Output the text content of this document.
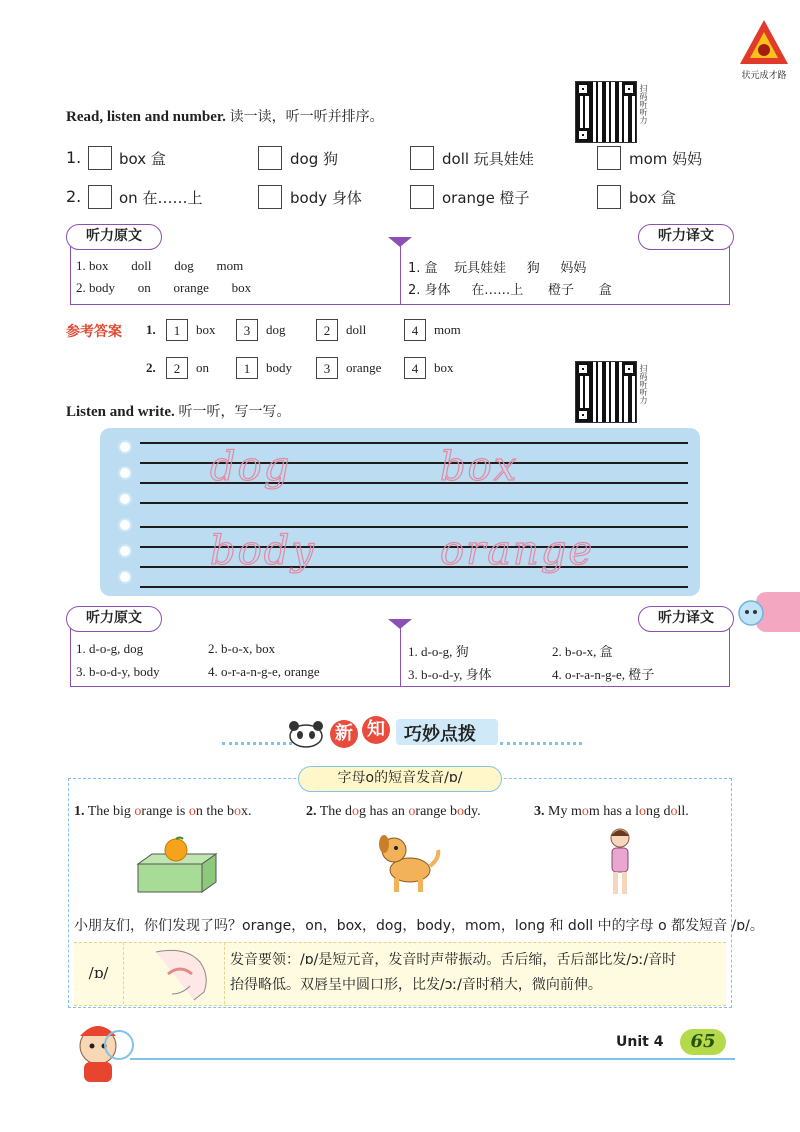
状元成才路
扫码听听力
Read, listen and number. 读一读，听一听并排序。
1.	box 盒	dog 狗	doll 玩具娃娃	mom 妈妈
2.	on 在……上	body 身体	orange 橙子	box 盒
听力原文	听力译文
1. box       doll       dog       mom
2. body       on       orange       box
1. 盒    玩具娃娃     狗     妈妈
2. 身体     在……上      橙子      盒
参考答案 1.	1	box	3	dog	2	doll	4	mom
2.	2	on	1	body	3	orange	4	box	扫码听听力
Listen and write. 听一听，写一写。
dog	box
body	orange
听力原文	听力译文
1. d-o-g, dog	2. b-o-x, box
3. b-o-d-y, body	4. o-r-a-n-g-e, orange
1. d-o-g, 狗	2. b-o-x, 盒
3. b-o-d-y, 身体	4. o-r-a-n-g-e, 橙子
新 知 巧妙点拨
字母o的短音发音/ɒ/
1. The big orange is on the box.	2. The dog has an orange body.	3. My mom has a long doll.
小朋友们，你们发现了吗？orange，on，box，dog，body，mom，long 和 doll 中的字母 o 都发短音 /ɒ/。
/ɒ/
发音要领：/ɒ/是短元音，发音时声带振动。舌后缩，舌后部比发/ɔː/音时
抬得略低。双唇呈中圆口形，比发/ɔː/音时稍大，微向前伸。
Unit 4	65
